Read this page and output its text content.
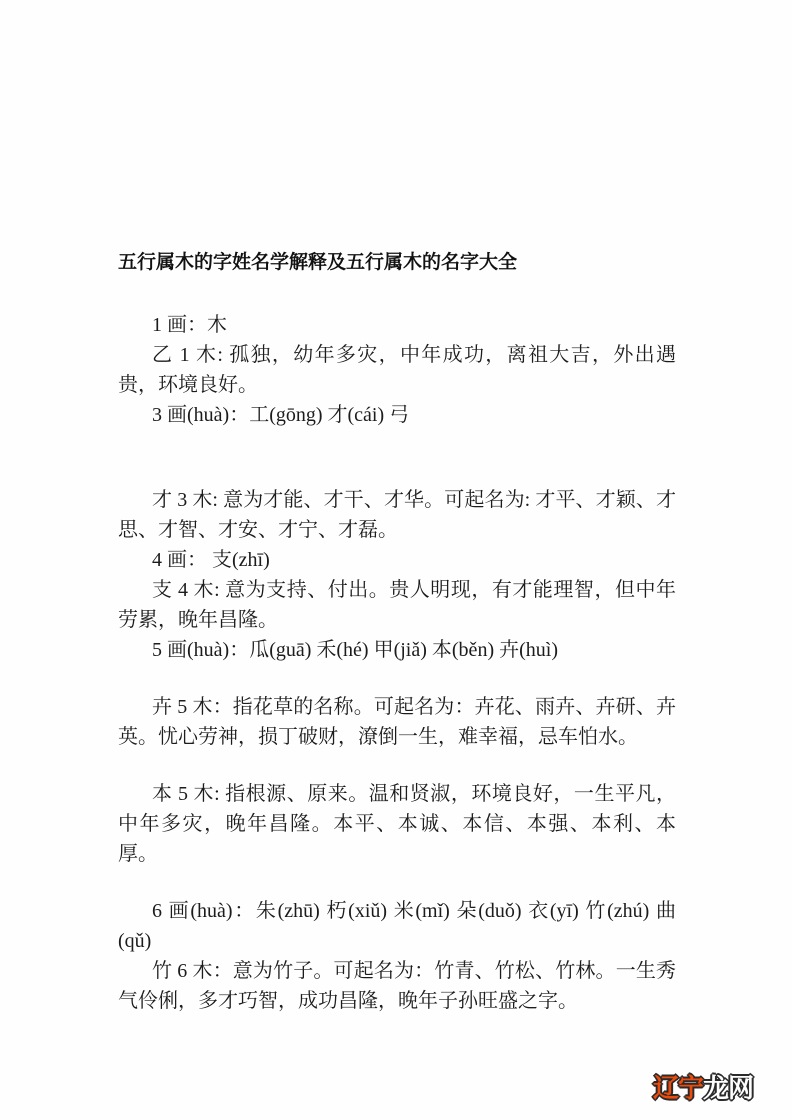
五行属木的字姓名学解释及五行属木的名字大全

1 画：木

乙 1 木: 孤独，幼年多灾，中年成功，离祖大吉，外出遇贵，环境良好。

3 画(huà)：工(gōng) 才(cái) 弓

才 3 木: 意为才能、才干、才华。可起名为: 才平、才颖、才思、才智、才安、才宁、才磊。

4 画： 支(zhī)

支 4 木: 意为支持、付出。贵人明现，有才能理智，但中年劳累，晚年昌隆。

5 画(huà)：瓜(guā) 禾(hé) 甲(jiǎ) 本(běn) 卉(huì)

卉 5 木：指花草的名称。可起名为：卉花、雨卉、卉研、卉英。忧心劳神，损丁破财，潦倒一生，难幸福，忌车怕水。

本 5 木: 指根源、原来。温和贤淑，环境良好，一生平凡，中年多灾，晚年昌隆。本平、本诚、本信、本强、本利、本厚。

6 画(huà)：朱(zhū) 朽(xiǔ) 米(mǐ) 朵(duǒ) 衣(yī) 竹(zhú) 曲(qǔ)

竹 6 木：意为竹子。可起名为：竹青、竹松、竹林。一生秀气伶俐，多才巧智，成功昌隆，晚年子孙旺盛之字。

辽宁龙网
